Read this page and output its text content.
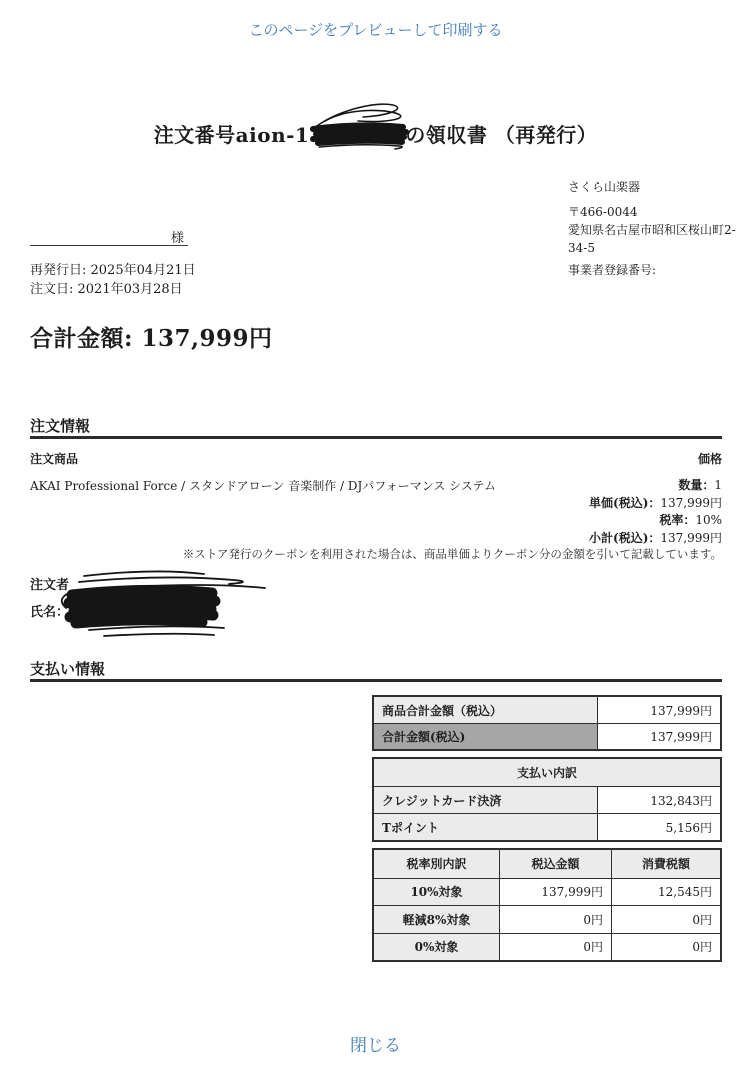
このページをプレビューして印刷する
注文番号aion-1	の領収書 （再発行）
さくら山楽器
〒466-0044
愛知県名古屋市昭和区桜山町2-34-5
事業者登録番号:
様
再発行日: 2025年04月21日
注文日: 2021年03月28日
合計金額: 137,999円
注文情報
注文商品	価格
AKAI Professional Force / スタンドアローン 音楽制作 / DJパフォーマンス システム	数量：1
単価(税込)：137,999円
税率：10%
小計(税込)：137,999円
※ストア発行のクーポンを利用された場合は、商品単価よりクーポン分の金額を引いて記載しています。
注文者
氏名：
支払い情報
商品合計金額（税込）	137,999円
合計金額(税込)	137,999円
支払い内訳
クレジットカード決済	132,843円
Tポイント	5,156円
税率別内訳	税込金額	消費税額
10%対象	137,999円	12,545円
軽減8%対象	0円	0円
0%対象	0円	0円
閉じる
